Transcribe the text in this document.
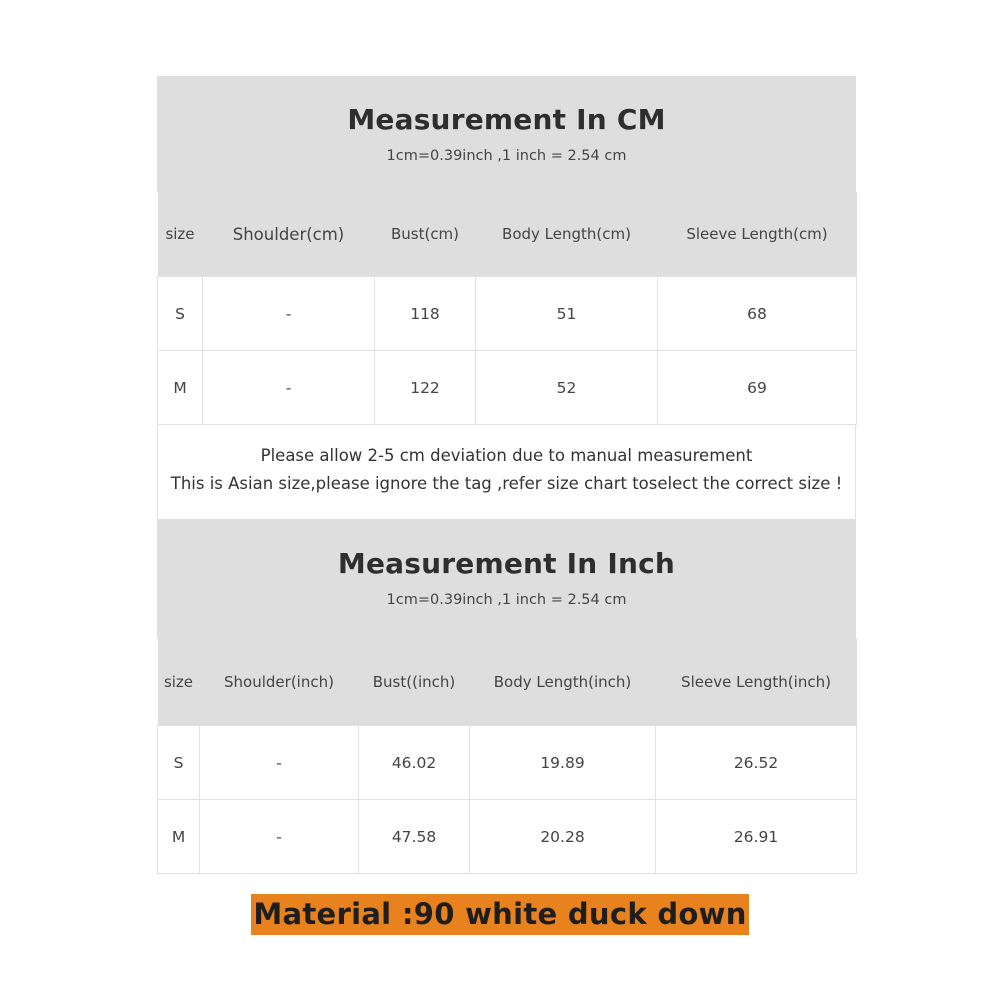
Measurement In CM
1cm=0.39inch ,1 inch = 2.54 cm
size	Shoulder(cm)	Bust(cm)	Body Length(cm)	Sleeve Length(cm)
S	-	118	51	68
M	-	122	52	69
Please allow 2-5 cm deviation due to manual measurement
This is Asian size,please ignore the tag ,refer size chart toselect the correct size !
Measurement In Inch
1cm=0.39inch ,1 inch = 2.54 cm
size	Shoulder(inch)	Bust((inch)	Body Length(inch)	Sleeve Length(inch)
S	-	46.02	19.89	26.52
M	-	47.58	20.28	26.91
Material :90 white duck down
